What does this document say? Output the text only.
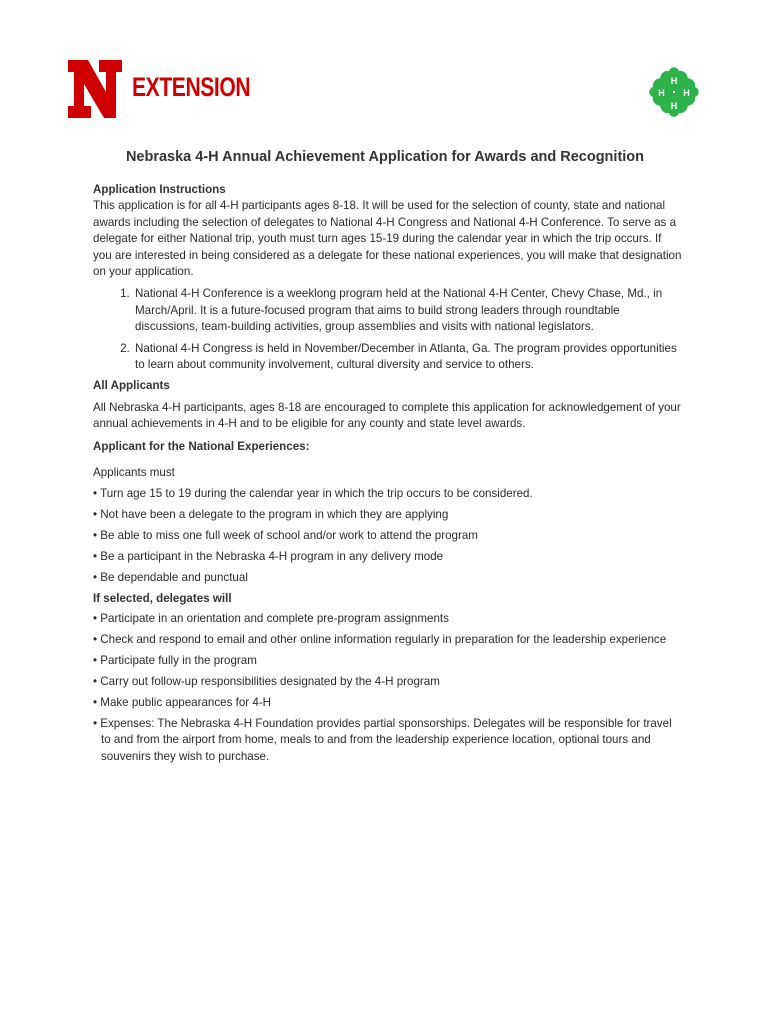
EXTENSION	H
H
H H
Nebraska 4-H Annual Achievement Application for Awards and Recognition

Application Instructions

This application is for all 4-H participants ages 8-18. It will be used for the selection of county, state and national awards including the selection of delegates to National 4-H Congress and National 4-H Conference. To serve as a delegate for either National trip, youth must turn ages 15-19 during the calendar year in which the trip occurs. If you are interested in being considered as a delegate for these national experiences, you will make that designation on your application.

1. National 4-H Conference is a weeklong program held at the National 4-H Center, Chevy Chase, Md., in March/April. It is a future-focused program that aims to build strong leaders through roundtable discussions, team-building activities, group assemblies and visits with national legislators.
2. National 4-H Congress is held in November/December in Atlanta, Ga. The program provides opportunities to learn about community involvement, cultural diversity and service to others.

All Applicants

All Nebraska 4-H participants, ages 8-18 are encouraged to complete this application for acknowledgement of your annual achievements in 4-H and to be eligible for any county and state level awards.

Applicant for the National Experiences:

Applicants must

• Turn age 15 to 19 during the calendar year in which the trip occurs to be considered.

• Not have been a delegate to the program in which they are applying

• Be able to miss one full week of school and/or work to attend the program

• Be a participant in the Nebraska 4-H program in any delivery mode

• Be dependable and punctual

If selected, delegates will

• Participate in an orientation and complete pre-program assignments

• Check and respond to email and other online information regularly in preparation for the leadership experience

• Participate fully in the program

• Carry out follow-up responsibilities designated by the 4-H program

• Make public appearances for 4-H

• Expenses: The Nebraska 4-H Foundation provides partial sponsorships. Delegates will be responsible for travel to and from the airport from home, meals to and from the leadership experience location, optional tours and souvenirs they wish to purchase.
